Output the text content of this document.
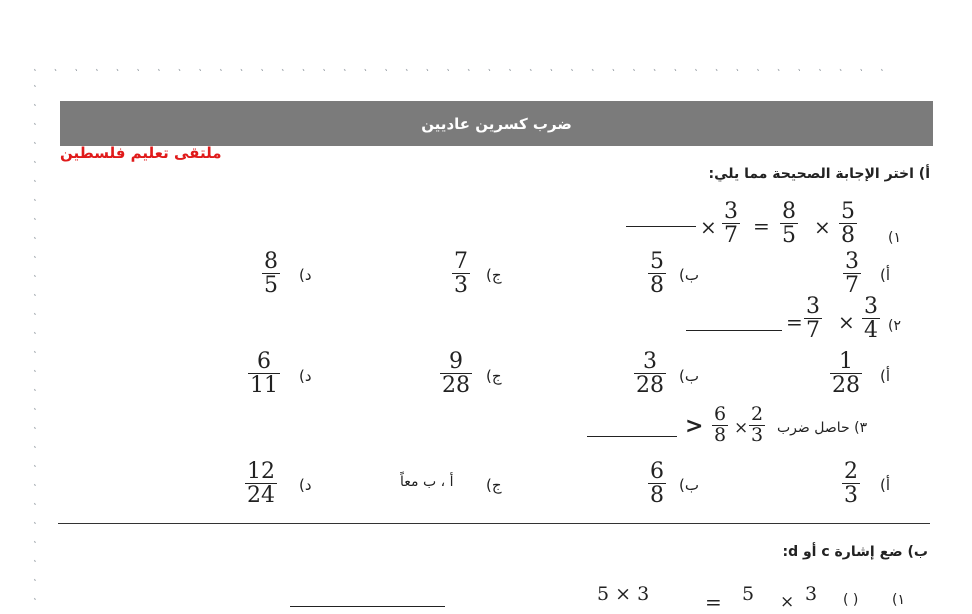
ㆍㆍㆍㆍㆍㆍㆍㆍㆍㆍㆍㆍㆍㆍㆍㆍㆍㆍㆍㆍㆍㆍㆍㆍㆍㆍㆍㆍㆍㆍㆍㆍㆍㆍㆍㆍㆍㆍㆍㆍㆍㆍ
ㆍ
ㆍ
ㆍ
ㆍ
ㆍ
ㆍ
ㆍ
ㆍ
ㆍ
ㆍ
ㆍ
ㆍ
ㆍ
ㆍ
ㆍ
ㆍ
ㆍ
ㆍ
ㆍ
ㆍ
ㆍ
ㆍ
ㆍ
ㆍ
ㆍ
ㆍ
ㆍ
ㆍ
ضرب كسرين عاديين
ملتقى تعليم فلسطين
أ) اختر الإجابة الصحيحة مما يلي:
١)
$\frac{5}{8}$
×
$\frac{8}{5}$
=
$\frac{3}{7}$
×
أ)
$\frac{3}{7}$
ب)
$\frac{5}{8}$
ج)
$\frac{7}{3}$
د)
$\frac{8}{5}$
٢)
$\frac{3}{4}$
×
$\frac{3}{7}$
=
أ)
$\frac{1}{28}$
ب)
$\frac{3}{28}$
ج)
$\frac{9}{28}$
د)
$\frac{6}{11}$
٣) حاصل ضرب
$\frac{2}{3}$
×
$\frac{6}{8}$
>
أ)
$\frac{2}{3}$
ب)
$\frac{6}{8}$
ج)
أ ، ب معاً
د)
$\frac{12}{24}$
ب) ضع إشارة c أو d:
١)
( )
3
×
5
=
5 × 3
